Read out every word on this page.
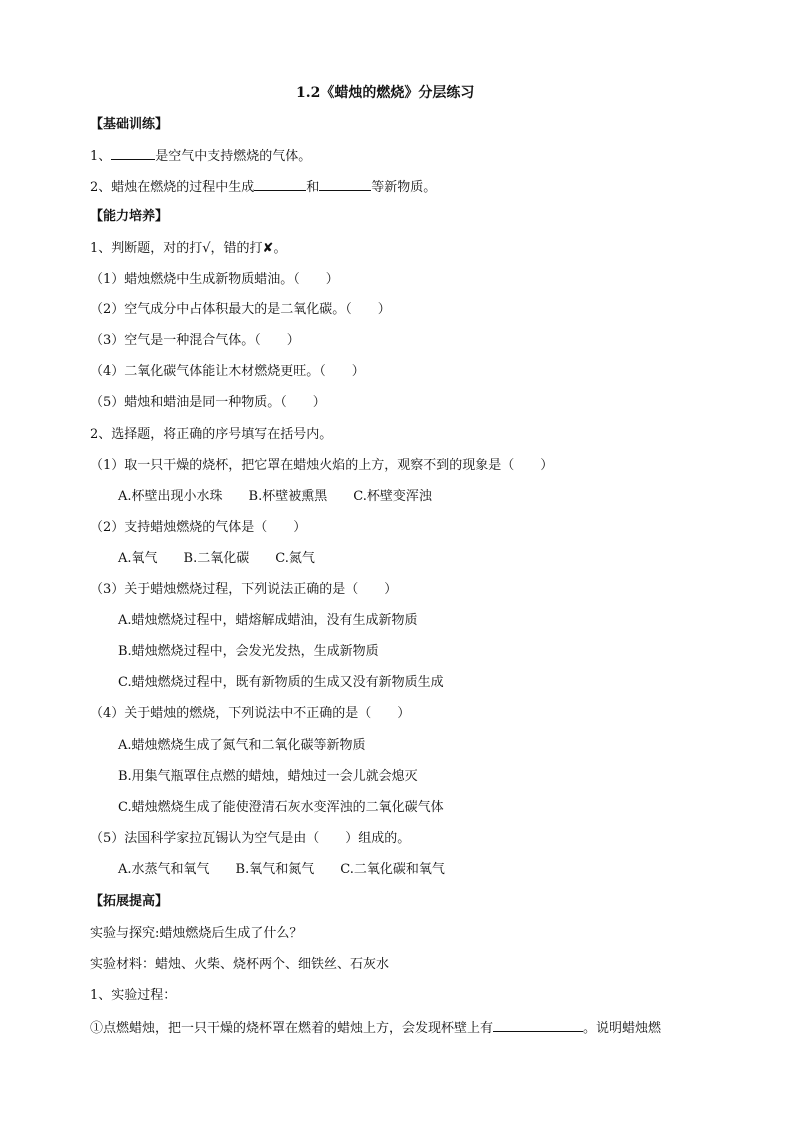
1.2《蜡烛的燃烧》分层练习
【基础训练】
1、	是空气中支持燃烧的气体。
2、蜡烛在燃烧的过程中生成	和	等新物质。
【能力培养】
1、判断题，对的打√，错的打✘。
（1）蜡烛燃烧中生成新物质蜡油。（　　）
（2）空气成分中占体积最大的是二氧化碳。（　　）
（3）空气是一种混合气体。（　　）
（4）二氧化碳气体能让木材燃烧更旺。（　　）
（5）蜡烛和蜡油是同一种物质。（　　）
2、选择题，将正确的序号填写在括号内。
（1）取一只干燥的烧杯，把它罩在蜡烛火焰的上方，观察不到的现象是（　　）
A.杯壁出现小水珠　　B.杯壁被熏黑　　C.杯壁变浑浊
（2）支持蜡烛燃烧的气体是（　　）
A.氧气　　B.二氧化碳　　C.氮气
（3）关于蜡烛燃烧过程，下列说法正确的是（　　）
A.蜡烛燃烧过程中，蜡熔解成蜡油，没有生成新物质
B.蜡烛燃烧过程中，会发光发热，生成新物质
C.蜡烛燃烧过程中，既有新物质的生成又没有新物质生成
（4）关于蜡烛的燃烧，下列说法中不正确的是（　　）
A.蜡烛燃烧生成了氮气和二氧化碳等新物质
B.用集气瓶罩住点燃的蜡烛，蜡烛过一会儿就会熄灭
C.蜡烛燃烧生成了能使澄清石灰水变浑浊的二氧化碳气体
（5）法国科学家拉瓦锡认为空气是由（　　）组成的。
A.水蒸气和氧气　　B.氧气和氮气　　C.二氧化碳和氧气
【拓展提高】
实验与探究:蜡烛燃烧后生成了什么？
实验材料：蜡烛、火柴、烧杯两个、细铁丝、石灰水
1、实验过程：
①点燃蜡烛，把一只干燥的烧杯罩在燃着的蜡烛上方，会发现杯壁上有	。说明蜡烛燃
